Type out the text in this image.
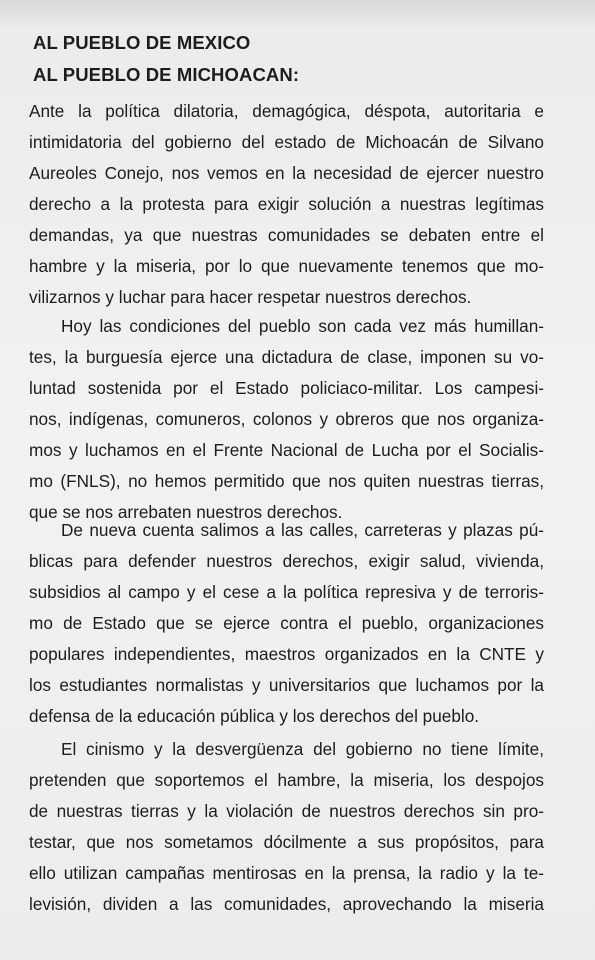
AL PUEBLO DE MEXICO
AL PUEBLO DE MICHOACAN:

Ante la política dilatoria, demagógica, déspota, autoritaria e
intimidatoria del gobierno del estado de Michoacán de Silvano
Aureoles Conejo, nos vemos en la necesidad de ejercer nuestro
derecho a la protesta para exigir solución a nuestras legítimas
demandas, ya que nuestras comunidades se debaten entre el
hambre y la miseria, por lo que nuevamente tenemos que mo-
vilizarnos y luchar para hacer respetar nuestros derechos.

Hoy las condiciones del pueblo son cada vez más humillan-
tes, la burguesía ejerce una dictadura de clase, imponen su vo-
luntad sostenida por el Estado policiaco-militar. Los campesi-
nos, indígenas, comuneros, colonos y obreros que nos organiza-
mos y luchamos en el Frente Nacional de Lucha por el Socialis-
mo (FNLS), no hemos permitido que nos quiten nuestras tierras,
que se nos arrebaten nuestros derechos.

De nueva cuenta salimos a las calles, carreteras y plazas pú-
blicas para defender nuestros derechos, exigir salud, vivienda,
subsidios al campo y el cese a la política represiva y de terroris-
mo de Estado que se ejerce contra el pueblo, organizaciones
populares independientes, maestros organizados en la CNTE y
los estudiantes normalistas y universitarios que luchamos por la
defensa de la educación pública y los derechos del pueblo.

El cinismo y la desvergüenza del gobierno no tiene límite,
pretenden que soportemos el hambre, la miseria, los despojos
de nuestras tierras y la violación de nuestros derechos sin pro-
testar, que nos sometamos dócilmente a sus propósitos, para
ello utilizan campañas mentirosas en la prensa, la radio y la te-
levisión, dividen a las comunidades, aprovechando la miseria
